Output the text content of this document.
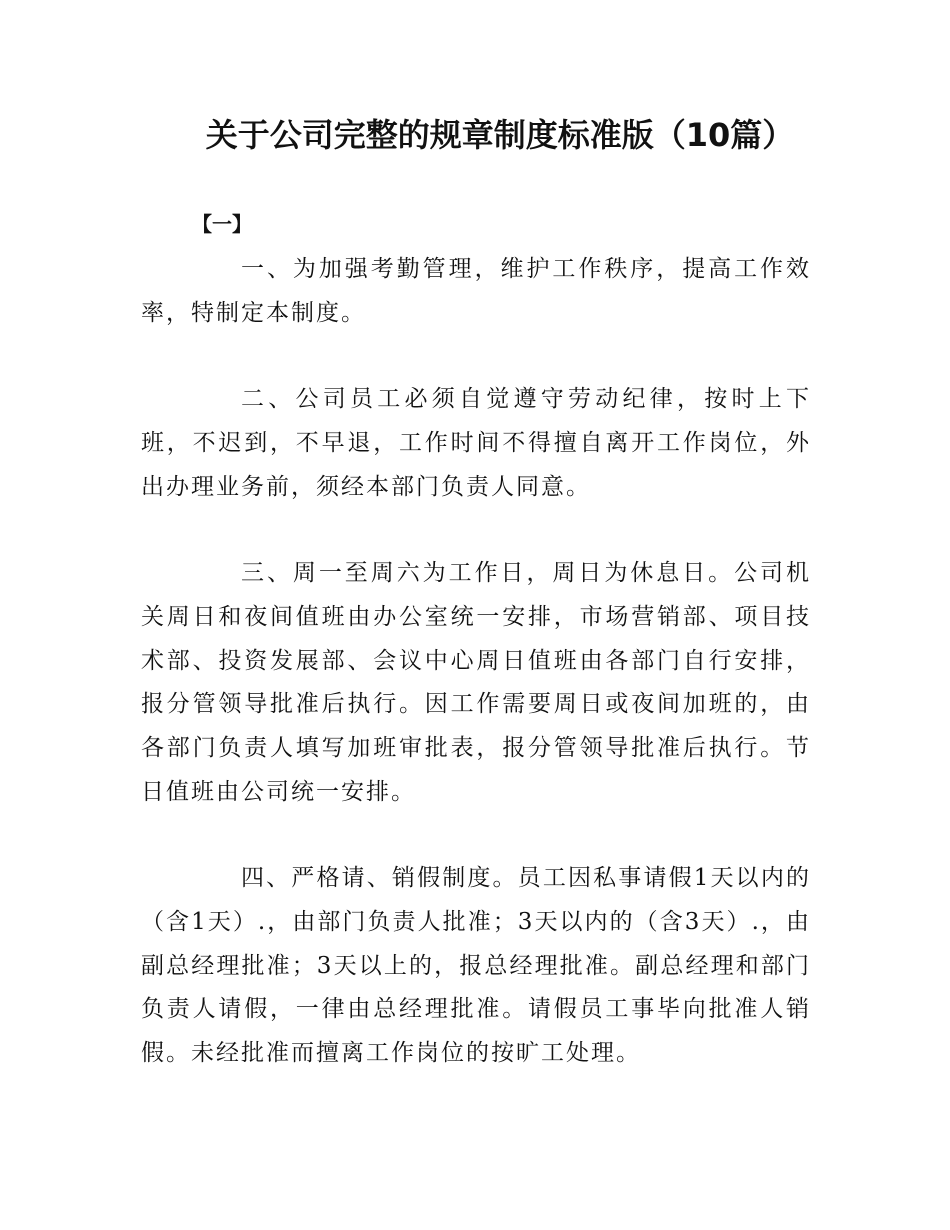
关于公司完整的规章制度标准版（10篇）
【一】

一、为加强考勤管理，维护工作秩序，提高工作效率，特制定本制度。

二、公司员工必须自觉遵守劳动纪律，按时上下班，不迟到，不早退，工作时间不得擅自离开工作岗位，外出办理业务前，须经本部门负责人同意。

三、周一至周六为工作日，周日为休息日。公司机关周日和夜间值班由办公室统一安排，市场营销部、项目技术部、投资发展部、会议中心周日值班由各部门自行安排，报分管领导批准后执行。因工作需要周日或夜间加班的，由各部门负责人填写加班审批表，报分管领导批准后执行。节日值班由公司统一安排。

四、严格请、销假制度。员工因私事请假1天以内的（含1天）.，由部门负责人批准；3天以内的（含3天）.，由副总经理批准；3天以上的，报总经理批准。副总经理和部门负责人请假，一律由总经理批准。请假员工事毕向批准人销假。未经批准而擅离工作岗位的按旷工处理。
